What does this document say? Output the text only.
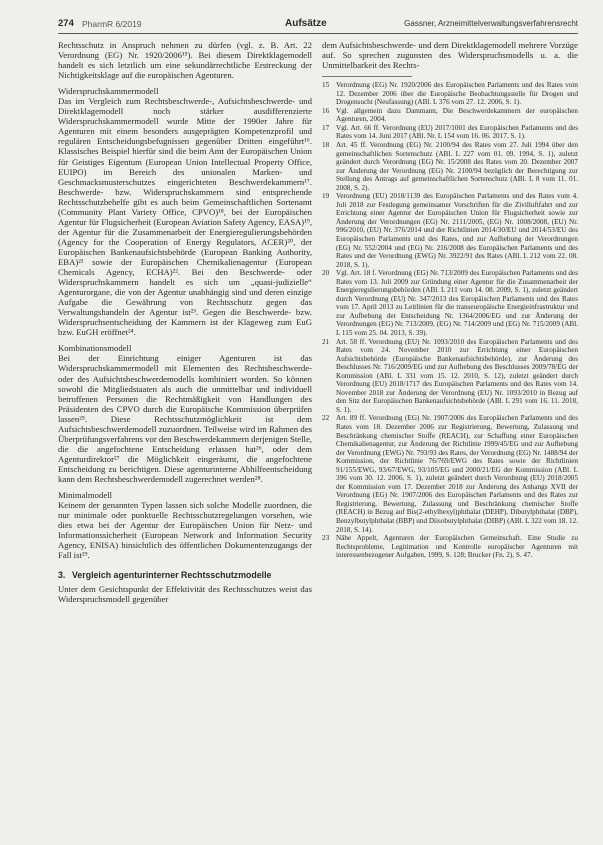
274 PharmR 6/2019	Aufsätze	Gassner, Arzneimittelverwaltungsverfahrensrecht

Rechtsschutz in Anspruch nehmen zu dürfen (vgl. z. B. Art. 22 Verordnung (EG) Nr. 1920/2006¹⁵). Bei diesem Direktklagemodell handelt es sich letztlich um eine sekundärrechtliche Erstreckung der Nichtigkeitsklage auf die europäischen Agenturen.

Widerspruchskammermodell

Das im Vergleich zum Rechtsbeschwerde-, Aufsichtsbeschwerde- und Direktklagemodell noch stärker ausdifferenzierte Widerspruchskammermodell wurde Mitte der 1990er Jahre für Agenturen mit einem besonders ausgeprägten Kompetenzprofil und regulären Entscheidungsbefugnissen gegenüber Dritten eingeführt¹⁶. Klassisches Beispiel hierfür sind die beim Amt der Europäischen Union für Geistiges Eigentum (European Union Intellectual Property Office, EUIPO) im Bereich des unionalen Marken- und Geschmacksmusterschutzes eingerichteten Beschwerdekammern¹⁷. Beschwerde- bzw. Widerspruchskammern sind entsprechende Rechtsschutzbehelfe gibt es auch beim Gemeinschaftlichen Sortenamt (Community Plant Variety Office, CPVO)¹⁸, bei der Europäischen Agentur für Flugsicherheit (European Aviation Safety Agency, EASA)¹⁹, der Agentur für die Zusammenarbeit der Energieregulierungsbehörden (Agency for the Cooperation of Energy Regulators, ACER)²⁰, der Europäischen Bankenaufsichtsbehörde (European Banking Authority, EBA)²¹ sowie der Europäischen Chemikalienagentur (European Chemicals Agency, ECHA)²². Bei den Beschwerde- oder Widerspruchskammern handelt es sich um „quasi-judizielle“ Agenturorgane, die von der Agentur unabhängig sind und deren einzige Aufgabe die Gewährung von Rechtsschutz gegen das Verwaltungshandeln der Agentur ist²³. Gegen die Beschwerde- bzw. Widerspruchsentscheidung der Kammern ist der Klageweg zum EuG bzw. EuGH eröffnet²⁴.

Kombinationsmodell

Bei der Einrichtung einiger Agenturen ist das Widerspruchskammermodell mit Elementen des Rechtsbeschwerde- oder des Aufsichtsbeschwerdemodells kombiniert worden. So können sowohl die Mitgliedstaaten als auch die unmittelbar und individuell betroffenen Personen die Rechtmäßigkeit von Handlungen des Präsidenten des CPVO durch die Europäische Kommission überprüfen lassen²⁵. Diese Rechtsschutzmöglichkeit ist dem Aufsichtsbeschwerdemodell zuzuordnen. Teilweise wird im Rahmen des Überprüfungsverfahrens vor den Beschwerdekammern derjenigen Stelle, die die angefochtene Entscheidung erlassen hat²⁶, oder dem Agenturdirektor²⁷ die Möglichkeit eingeräumt, die angefochtene Entscheidung zu berichtigen. Diese agenturinterne Abhilfeentscheidung kann dem Rechtsbeschwerdemodell zugerechnet werden²⁸.

Minimalmodell

Keinem der genannten Typen lassen sich solche Modelle zuordnen, die nur minimale oder punktuelle Rechtsschutzregelungen vorsehen, wie dies etwa bei der Agentur der Europäischen Union für Netz- und Informationssicherheit (European Network and Information Security Agency, ENISA) hinsichtlich des öffentlichen Dokumentenzugangs der Fall ist²⁹.

3. Vergleich agenturinterner Rechtsschutzmodelle

Unter dem Gesichtspunkt der Effektivität des Rechtsschutzes weist das Widerspruchsmodell gegenüber

dem Aufsichtsbeschwerde- und dem Direktklagemodell mehrere Vorzüge auf. So sprechen zugunsten des Widerspruchsmodells u. a. die Unmittelbarkeit des Rechts-

15 Verordnung (EG) Nr. 1920/2006 des Europäischen Parlaments und des Rates vom 12. Dezember 2006 über die Europäische Beobachtungsstelle für Drogen und Drogensucht (Neufassung) (ABl. L 376 vom 27. 12. 2006, S. 1).
16 Vgl. allgemein dazu Dammann, Die Beschwerdekammern der europäischen Agenturen, 2004.
17 Vgl. Art. 66 ff. Verordnung (EU) 2017/1001 des Europäischen Parlaments und des Rates vom 14. Juni 2017 (ABl. Nr. L 154 vom 16. 06. 2017, S. 1).
18 Art. 45 ff. Verordnung (EG) Nr. 2100/94 des Rates vom 27. Juli 1994 über den gemeinschaftlichen Sortenschutz (ABl. L 227 vom 01. 09. 1994, S. 1), zuletzt geändert durch Verordnung (EG) Nr. 15/2008 des Rates vom 20. Dezember 2007 zur Änderung der Verordnung (EG) Nr. 2100/94 bezüglich der Berechtigung zur Stellung des Antrags auf gemeinschaftlichen Sortenschutz (ABl. L 8 vom 11. 01. 2008, S. 2).
19 Verordnung (EU) 2018/1139 des Europäischen Parlaments und des Rates vom 4. Juli 2018 zur Festlegung gemeinsamer Vorschriften für die Zivilluftfahrt und zur Errichtung einer Agentur der Europäischen Union für Flugsicherheit sowie zur Änderung der Verordnungen (EG) Nr. 2111/2005, (EG) Nr. 1008/2008, (EU) Nr. 996/2010, (EU) Nr. 376/2014 und der Richtlinien 2014/30/EU und 2014/53/EU des Europäischen Parlaments und des Rates, und zur Aufhebung der Verordnungen (EG) Nr. 552/2004 und (EG) Nr. 216/2008 des Europäischen Parlaments und des Rates und der Verordnung (EWG) Nr. 3922/91 des Rates (ABl. L 212 vom 22. 08. 2018, S. 1).
20 Vgl. Art. 18 f. Verordnung (EG) Nr. 713/2009 des Europäischen Parlaments und des Rates vom 13. Juli 2009 zur Gründung einer Agentur für die Zusammenarbeit der Energieregulierungsbehörden (ABl. L 211 vom 14. 08. 2009, S. 1), zuletzt geändert durch Verordnung (EU) Nr. 347/2013 des Europäischen Parlaments und des Rates vom 17. April 2013 zu Leitlinien für die transeuropäische Energieinfrastruktur und zur Aufhebung der Entscheidung Nr. 1364/2006/EG und zur Änderung der Verordnungen (EG) Nr. 713/2009, (EG) Nr. 714/2009 und (EG) Nr. 715/2009 (ABl. L 115 vom 25. 04. 2013, S. 39).
21 Art. 58 ff. Verordnung (EU) Nr. 1093/2010 des Europäischen Parlaments und des Rates vom 24. November 2010 zur Errichtung einer Europäischen Aufsichtsbehörde (Europäische Bankenaufsichtsbehörde), zur Änderung des Beschlusses Nr. 716/2009/EG und zur Aufhebung des Beschlusses 2009/78/EG der Kommission (ABl. L 331 vom 15. 12. 2010, S. 12), zuletzt geändert durch Verordnung (EU) 2018/1717 des Europäischen Parlaments und des Rates vom 14. November 2018 zur Änderung der Verordnung (EU) Nr. 1093/2010 in Bezug auf den Sitz der Europäischen Bankenaufsichtsbehörde (ABl. L 291 vom 16. 11. 2018, S. 1).
22 Art. 89 ff. Verordnung (EG) Nr. 1907/2006 des Europäischen Parlaments und des Rates vom 18. Dezember 2006 zur Registrierung, Bewertung, Zulassung und Beschränkung chemischer Stoffe (REACH), zur Schaffung einer Europäischen Chemikalienagentur, zur Änderung der Richtlinie 1999/45/EG und zur Aufhebung der Verordnung (EWG) Nr. 793/93 des Rates, der Verordnung (EG) Nr. 1488/94 der Kommission, der Richtlinie 76/769/EWG des Rates sowie der Richtlinien 91/155/EWG, 93/67/EWG, 93/105/EG und 2000/21/EG der Kommission (ABl. L 396 vom 30. 12. 2006, S. 1), zuletzt geändert durch Verordnung (EU) 2018/2005 der Kommission vom 17. Dezember 2018 zur Änderung des Anhangs XVII der Verordnung (EG) Nr. 1907/2006 des Europäischen Parlaments und des Rates zur Registrierung, Bewertung, Zulassung und Beschränkung chemischer Stoffe (REACH) in Bezug auf Bis(2-ethylhexyl)phthalat (DEHP), Dibutylphthalat (DBP), Benzylbutylphthalat (BBP) und Diisobutylphthalat (DIBP) (ABl. L 322 vom 18. 12. 2018, S. 14).
23 Nähe Appelt, Agenturen der Europäischen Gemeinschaft. Eine Studie zu Rechtsprobleme, Legitimation und Kontrolle europäischer Agenturen mit interessenbezogener Aufgaben, 1999, S. 128; Brucker (Fn. 2), S. 47.
